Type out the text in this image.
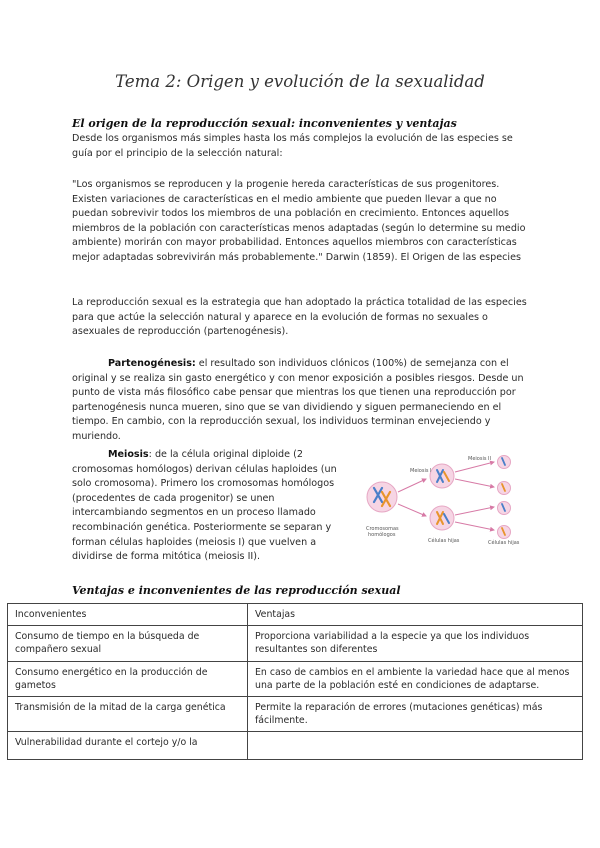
Tema 2: Origen y evolución de la sexualidad
El origen de la reproducción sexual: inconvenientes y ventajas

Desde los organismos más simples hasta los más complejos la evolución de las especies se guía por el principio de la selección natural:

"Los organismos se reproducen y la progenie hereda características de sus progenitores. Existen variaciones de características en el medio ambiente que pueden llevar a que no puedan sobrevivir todos los miembros de una población en crecimiento. Entonces aquellos miembros de la población con características menos adaptadas (según lo determine su medio ambiente) morirán con mayor probabilidad. Entonces aquellos miembros con características mejor adaptadas sobrevivirán más probablemente." Darwin (1859). El Origen de las especies

La reproducción sexual es la estrategia que han adoptado la práctica totalidad de las especies para que actúe la selección natural y aparece en la evolución de formas no sexuales o asexuales de reproducción (partenogénesis).

Partenogénesis: el resultado son individuos clónicos (100%) de semejanza con el original y se realiza sin gasto energético y con menor exposición a posibles riesgos. Desde un punto de vista más filosófico cabe pensar que mientras los que tienen una reproducción por partenogénesis nunca mueren, sino que se van dividiendo y siguen permaneciendo en el tiempo. En cambio, con la reproducción sexual, los individuos terminan envejeciendo y muriendo.

Meiosis: de la célula original diploide (2 cromosomas homólogos) derivan células haploides (un solo cromosoma). Primero los cromosomas homólogos (procedentes de cada progenitor) se unen intercambiando segmentos en un proceso llamado recombinación genética. Posteriormente se separan y forman células haploides (meiosis I) que vuelven a dividirse de forma mitótica (meiosis II).

Meiosis I
Meiosis II
Cromosomas
homólogos
Células hijas	Células hijas
Ventajas e inconvenientes de las reproducción sexual
Inconvenientes	Ventajas
Consumo de tiempo en la búsqueda de compañero sexual	Proporciona variabilidad a la especie ya que los individuos resultantes son diferentes
Consumo energético en la producción de gametos	En caso de cambios en el ambiente la variedad hace que al menos una parte de la población esté en condiciones de adaptarse.
Transmisión de la mitad de la carga genética	Permite la reparación de errores (mutaciones genéticas) más fácilmente.
Vulnerabilidad durante el cortejo y/o la	
